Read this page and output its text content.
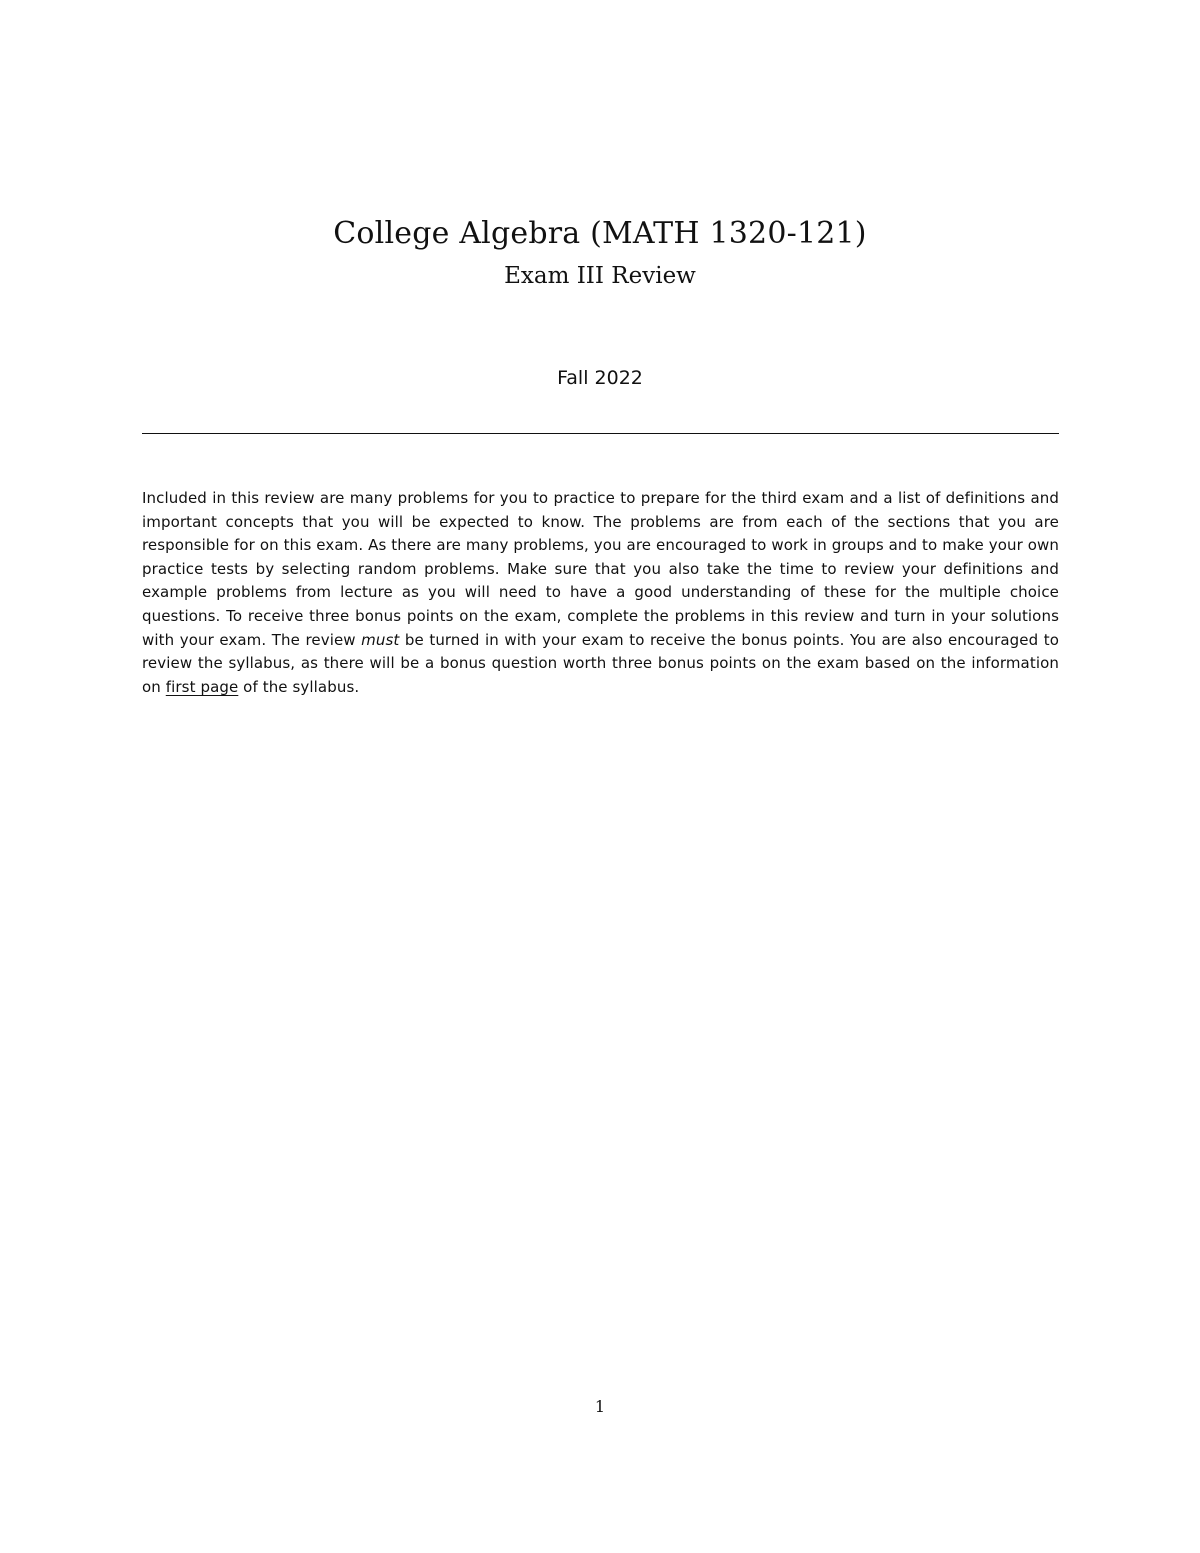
College Algebra (MATH 1320-121)
Exam III Review

Fall 2022

Included in this review are many problems for you to practice to prepare for the third exam and a list of definitions and important concepts that you will be expected to know. The problems are from each of the sections that you are responsible for on this exam. As there are many problems, you are encouraged to work in groups and to make your own practice tests by selecting random problems. Make sure that you also take the time to review your definitions and example problems from lecture as you will need to have a good understanding of these for the multiple choice questions. To receive three bonus points on the exam, complete the problems in this review and turn in your solutions with your exam. The review must be turned in with your exam to receive the bonus points. You are also encouraged to review the syllabus, as there will be a bonus question worth three bonus points on the exam based on the information on first page of the syllabus.

1
